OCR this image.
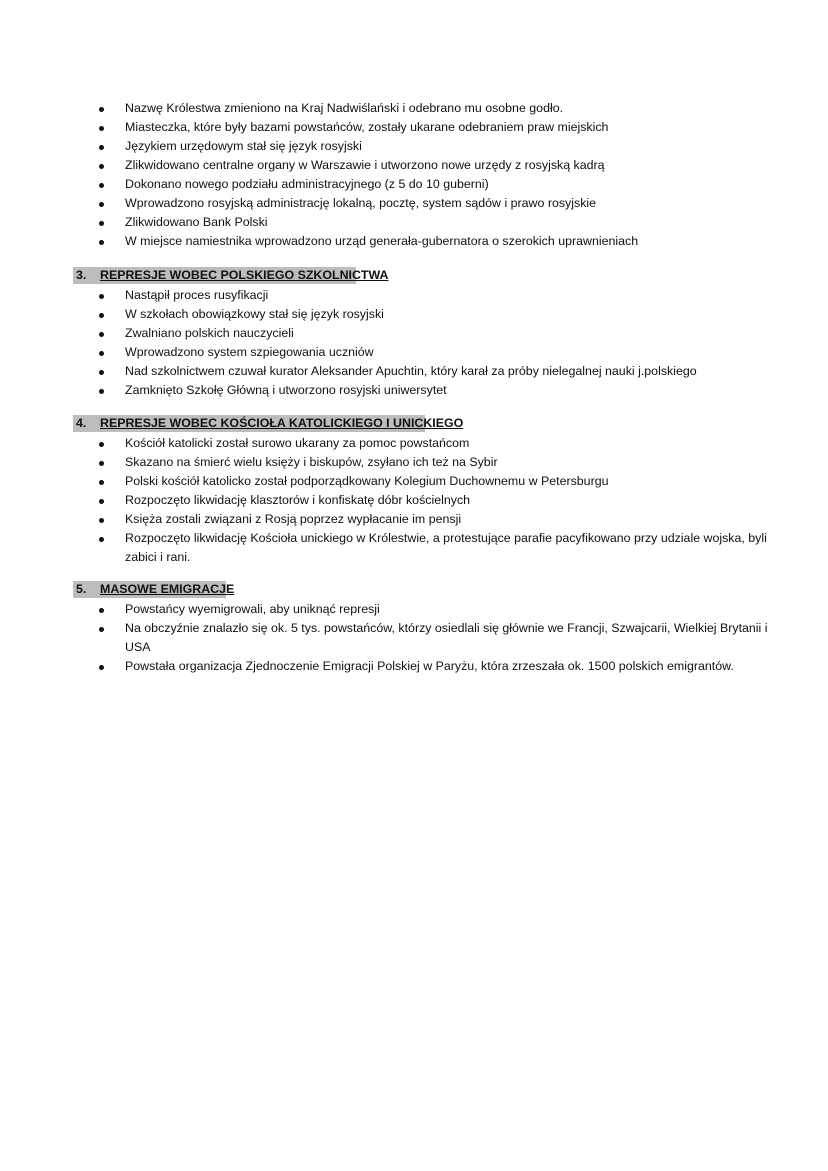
Nazwę Królestwa zmieniono na Kraj Nadwiślański i odebrano mu osobne godło.
Miasteczka, które były bazami powstańców, zostały ukarane odebraniem praw miejskich
Językiem urzędowym stał się język rosyjski
Zlikwidowano centralne organy w Warszawie i utworzono nowe urzędy z rosyjską kadrą
Dokonano nowego podziału administracyjnego (z 5 do 10 guberni)
Wprowadzono rosyjską administrację lokalną, pocztę, system sądów i prawo rosyjskie
Zlikwidowano Bank Polski
W miejsce namiestnika wprowadzono urząd generała-gubernatora o szerokich uprawnieniach
3. REPRESJE WOBEC POLSKIEGO SZKOLNICTWA
Nastąpił proces rusyfikacji
W szkołach obowiązkowy stał się język rosyjski
Zwalniano polskich nauczycieli
Wprowadzono system szpiegowania uczniów
Nad szkolnictwem czuwał kurator Aleksander Apuchtin, który karał za próby nielegalnej nauki j.polskiego
Zamknięto Szkołę Główną i utworzono rosyjski uniwersytet
4. REPRESJE WOBEC KOŚCIOŁA KATOLICKIEGO I UNICKIEGO
Kościół katolicki został surowo ukarany za pomoc powstańcom
Skazano na śmierć wielu księży i biskupów, zsyłano ich też na Sybir
Polski kościół katolicko został podporządkowany Kolegium Duchownemu w Petersburgu
Rozpoczęto likwidację klasztorów i konfiskatę dóbr kościelnych
Księża zostali związani z Rosją poprzez wypłacanie im pensji
Rozpoczęto likwidację Kościoła unickiego w Królestwie, a protestujące parafie pacyfikowano przy udziale wojska, byli zabici i rani.
5. MASOWE EMIGRACJE
Powstańcy wyemigrowali, aby uniknąć represji
Na obczyźnie znalazło się ok. 5 tys. powstańców, którzy osiedlali się głównie we Francji, Szwajcarii, Wielkiej Brytanii i USA
Powstała organizacja Zjednoczenie Emigracji Polskiej w Paryżu, która zrzeszała ok. 1500 polskich emigrantów.
